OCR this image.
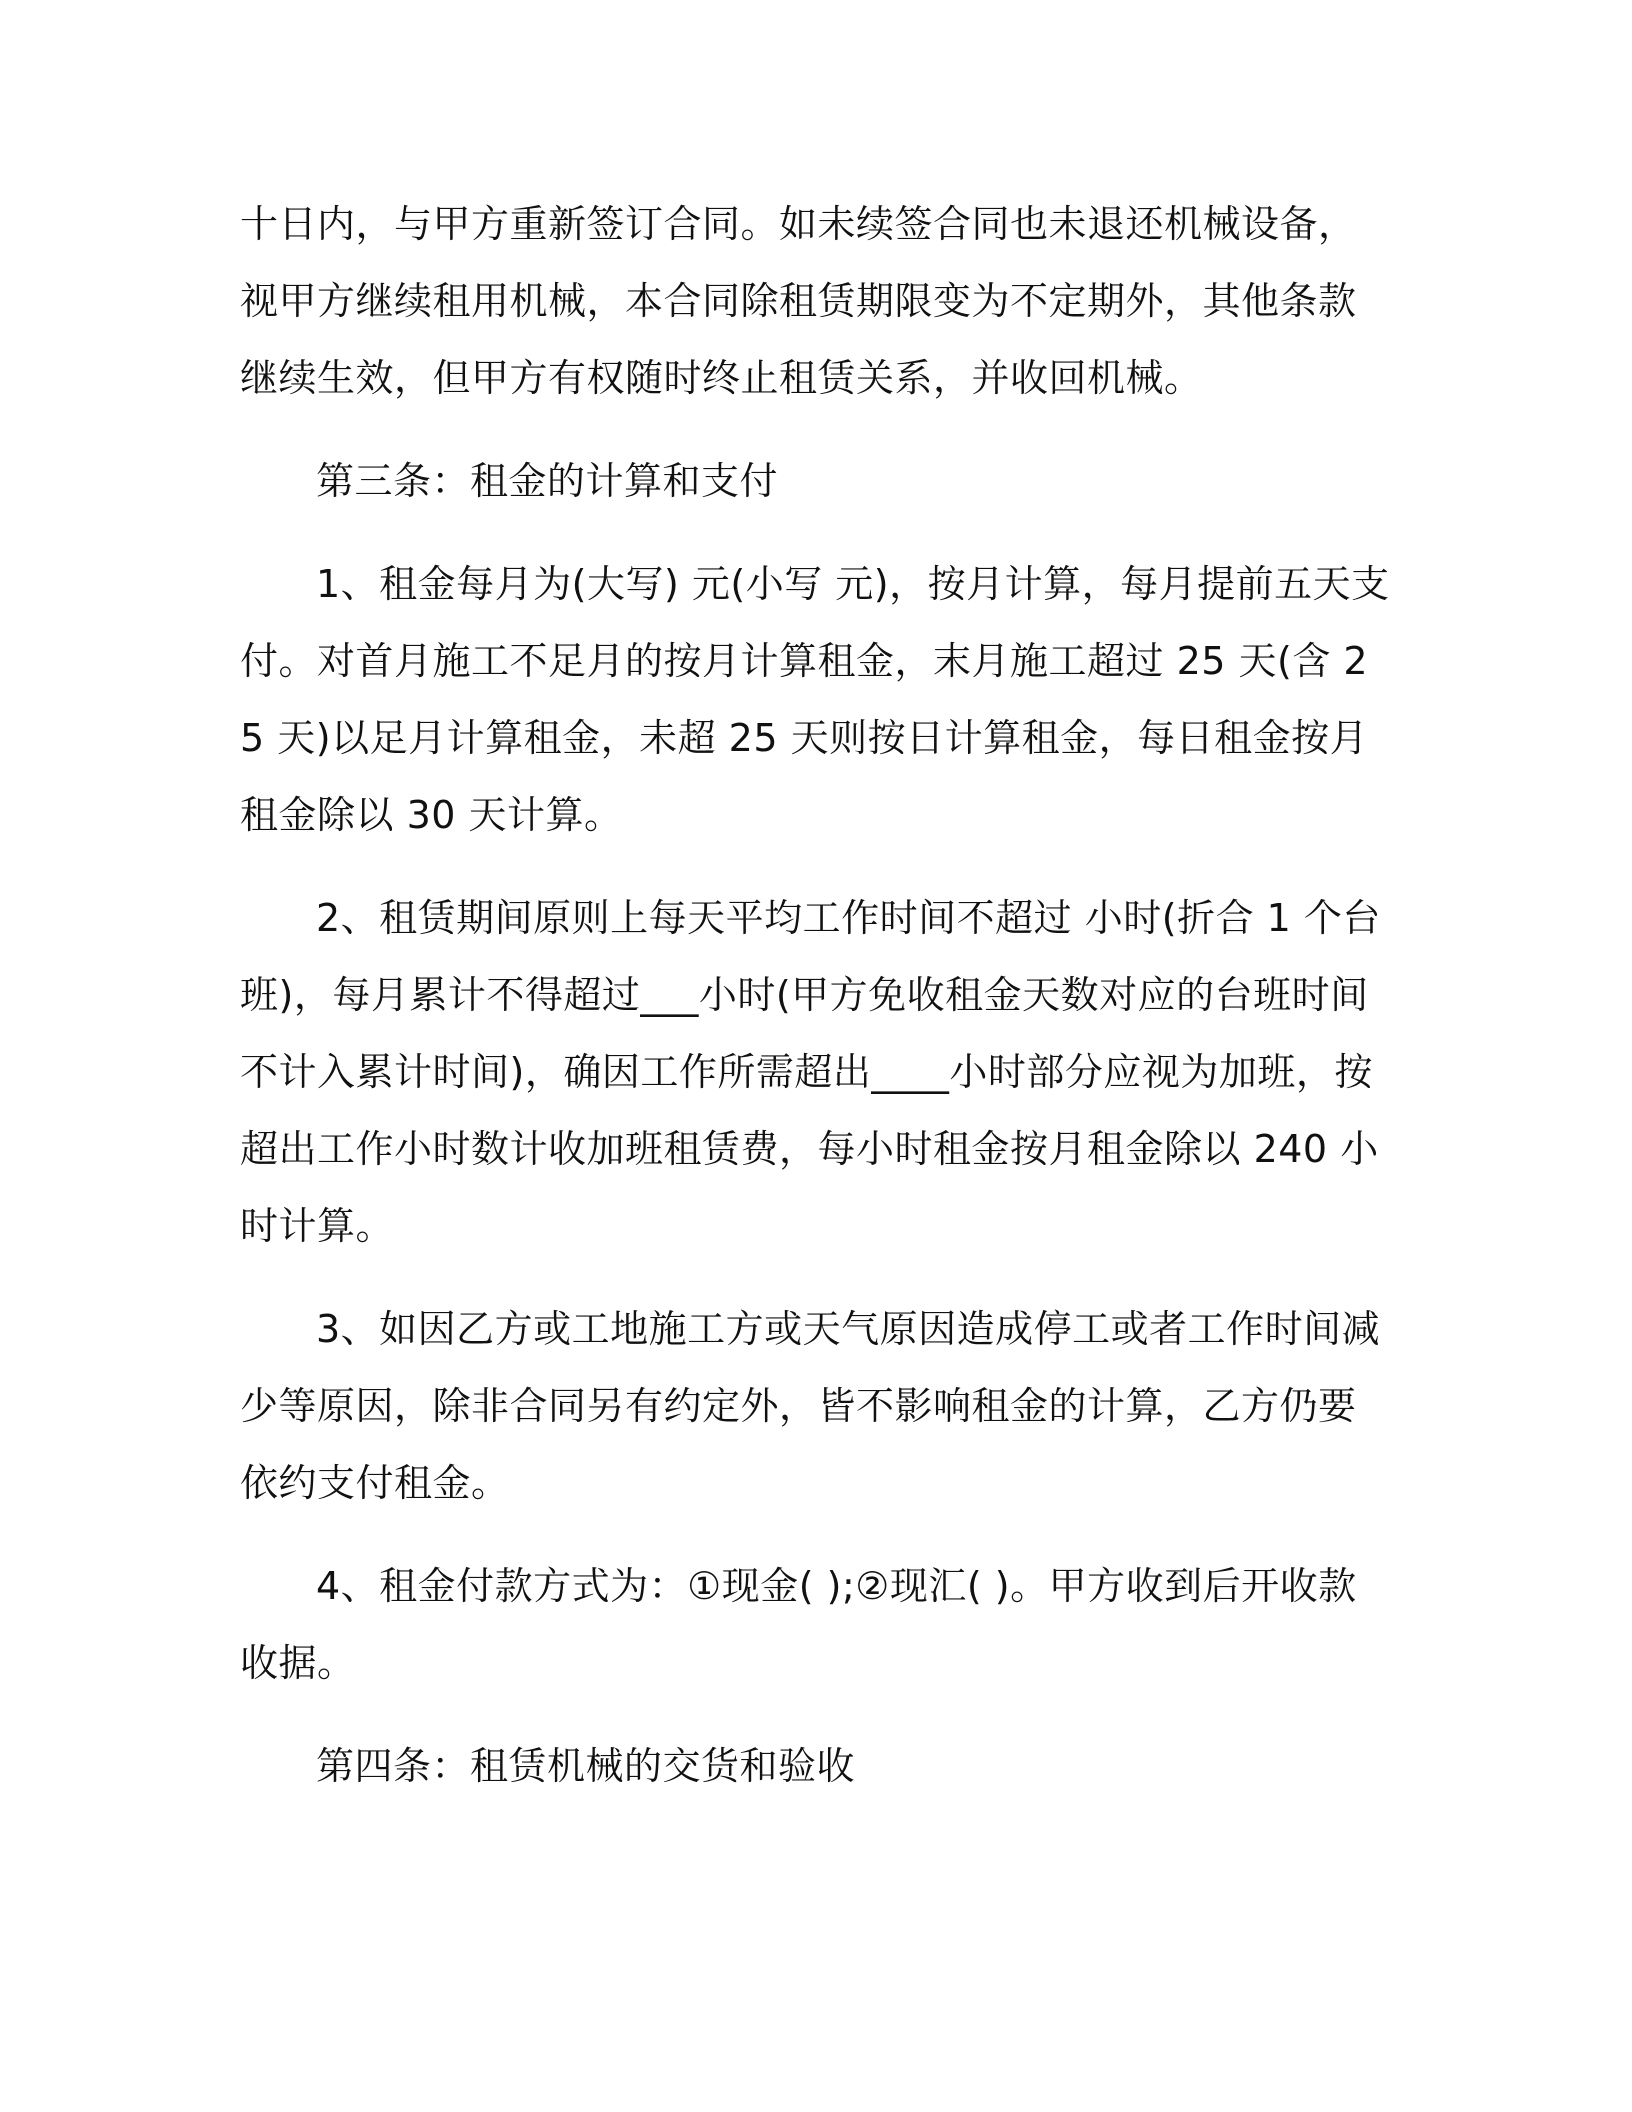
十日内，与甲方重新签订合同。如未续签合同也未退还机械设备，视甲方继续租用机械，本合同除租赁期限变为不定期外，其他条款继续生效，但甲方有权随时终止租赁关系，并收回机械。

第三条：租金的计算和支付

1、租金每月为(大写) 元(小写 元)，按月计算，每月提前五天支付。对首月施工不足月的按月计算租金，末月施工超过 25 天(含 25 天)以足月计算租金，未超 25 天则按日计算租金，每日租金按月租金除以 30 天计算。

2、租赁期间原则上每天平均工作时间不超过 小时(折合 1 个台班)，每月累计不得超过___小时(甲方免收租金天数对应的台班时间不计入累计时间)，确因工作所需超出____小时部分应视为加班，按超出工作小时数计收加班租赁费，每小时租金按月租金除以 240 小时计算。

3、如因乙方或工地施工方或天气原因造成停工或者工作时间减少等原因，除非合同另有约定外，皆不影响租金的计算，乙方仍要依约支付租金。

4、租金付款方式为：①现金( );②现汇( )。甲方收到后开收款收据。

第四条：租赁机械的交货和验收
